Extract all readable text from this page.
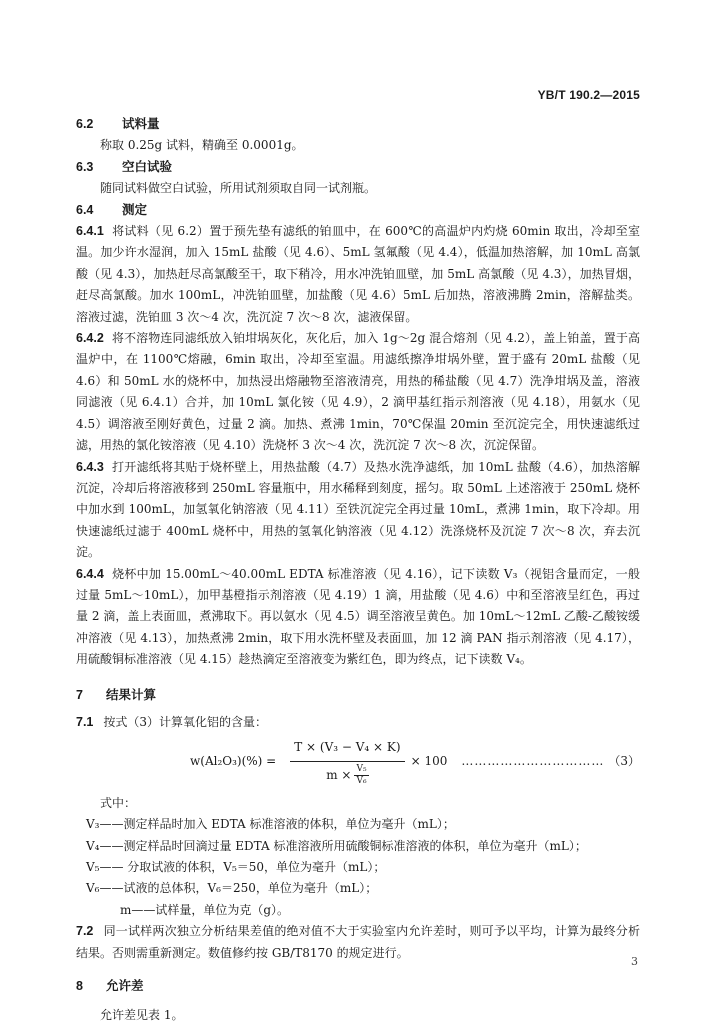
YB/T 190.2—2015
6.2 试料量
称取 0.25g 试料，精确至 0.0001g。
6.3 空白试验
随同试料做空白试验，所用试剂须取自同一试剂瓶。
6.4 测定
6.4.1 将试料（见 6.2）置于预先垫有滤纸的铂皿中，在 600℃的高温炉内灼烧 60min 取出，冷却至室温。加少许水湿润，加入 15mL 盐酸（见 4.6）、5mL 氢氟酸（见 4.4），低温加热溶解，加 10mL 高氯酸（见 4.3），加热赶尽高氯酸至干，取下稍冷，用水冲洗铂皿壁，加 5mL 高氯酸（见 4.3），加热冒烟，赶尽高氯酸。加水 100mL，冲洗铂皿壁，加盐酸（见 4.6）5mL 后加热，溶液沸腾 2min，溶解盐类。溶液过滤，洗铂皿 3 次～4 次，洗沉淀 7 次～8 次，滤液保留。
6.4.2 将不溶物连同滤纸放入铂坩埚灰化，灰化后，加入 1g～2g 混合熔剂（见 4.2），盖上铂盖，置于高温炉中，在 1100℃熔融，6min 取出，冷却至室温。用滤纸擦净坩埚外壁，置于盛有 20mL 盐酸（见 4.6）和 50mL 水的烧杯中，加热浸出熔融物至溶液清亮，用热的稀盐酸（见 4.7）洗净坩埚及盖，溶液同滤液（见 6.4.1）合并，加 10mL 氯化铵（见 4.9），2 滴甲基红指示剂溶液（见 4.18），用氨水（见 4.5）调溶液至刚好黄色，过量 2 滴。加热、煮沸 1min，70℃保温 20min 至沉淀完全，用快速滤纸过滤，用热的氯化铵溶液（见 4.10）洗烧杯 3 次～4 次，洗沉淀 7 次～8 次，沉淀保留。
6.4.3 打开滤纸将其贴于烧杯壁上，用热盐酸（4.7）及热水洗净滤纸，加 10mL 盐酸（4.6），加热溶解沉淀，冷却后将溶液移到 250mL 容量瓶中，用水稀释到刻度，摇匀。取 50mL 上述溶液于 250mL 烧杯中加水到 100mL，加氢氧化钠溶液（见 4.11）至铁沉淀完全再过量 10mL，煮沸 1min，取下冷却。用快速滤纸过滤于 400mL 烧杯中，用热的氢氧化钠溶液（见 4.12）洗涤烧杯及沉淀 7 次～8 次，弃去沉淀。
6.4.4 烧杯中加 15.00mL～40.00mL EDTA 标准溶液（见 4.16），记下读数 V₃（视铝含量而定，一般过量 5mL～10mL），加甲基橙指示剂溶液（见 4.19）1 滴，用盐酸（见 4.6）中和至溶液呈红色，再过量 2 滴，盖上表面皿，煮沸取下。再以氨水（见 4.5）调至溶液呈黄色。加 10mL～12mL 乙酸-乙酸铵缓冲溶液（见 4.13），加热煮沸 2min，取下用水洗杯壁及表面皿，加 12 滴 PAN 指示剂溶液（见 4.17），用硫酸铜标准溶液（见 4.15）趁热滴定至溶液变为紫红色，即为终点，记下读数 V₄。
7 结果计算
7.1 按式（3）计算氧化铝的含量：
$w(Al_2O_3)(\%) = \frac{\text{T × (V₃ − V₄ × K)}}{m \times \frac{\text{V₅}}{\text{V₆}}} \times 100$ …………………………… （3）
式中：
V₃——测定样品时加入 EDTA 标准溶液的体积，单位为毫升（mL）；
V₄——测定样品时回滴过量 EDTA 标准溶液所用硫酸铜标准溶液的体积，单位为毫升（mL）；
V₅—— 分取试液的体积，V₅＝50，单位为毫升（mL）；
V₆——试液的总体积，V₆＝250，单位为毫升（mL）；
m——试样量，单位为克（g）。
7.2 同一试样两次独立分析结果差值的绝对值不大于实验室内允许差时，则可予以平均，计算为最终分析结果。否则需重新测定。数值修约按 GB/T8170 的规定进行。
8 允许差
允许差见表 1。
3
